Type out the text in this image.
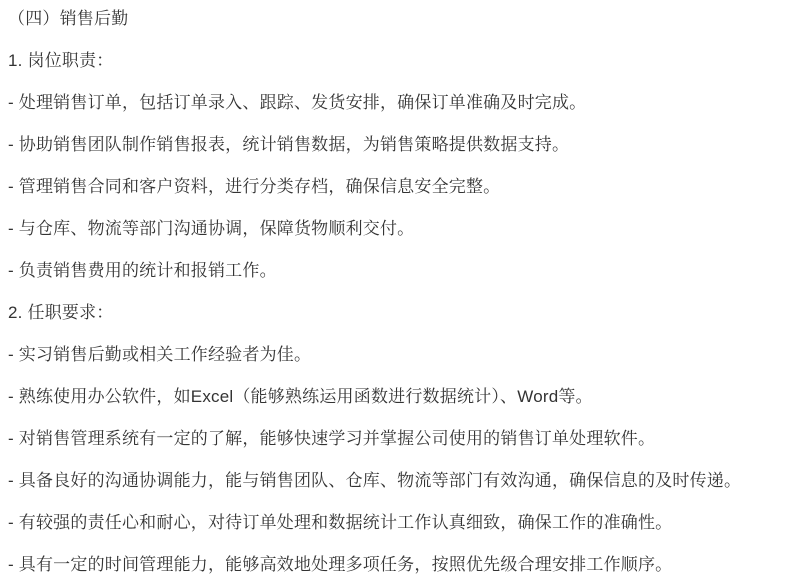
（四）销售后勤

1. 岗位职责：

- 处理销售订单，包括订单录入、跟踪、发货安排，确保订单准确及时完成。

- 协助销售团队制作销售报表，统计销售数据，为销售策略提供数据支持。

- 管理销售合同和客户资料，进行分类存档，确保信息安全完整。

- 与仓库、物流等部门沟通协调，保障货物顺利交付。

- 负责销售费用的统计和报销工作。

2. 任职要求：

- 实习销售后勤或相关工作经验者为佳。

- 熟练使用办公软件，如Excel（能够熟练运用函数进行数据统计）、Word等。

- 对销售管理系统有一定的了解，能够快速学习并掌握公司使用的销售订单处理软件。

- 具备良好的沟通协调能力，能与销售团队、仓库、物流等部门有效沟通，确保信息的及时传递。

- 有较强的责任心和耐心，对待订单处理和数据统计工作认真细致，确保工作的准确性。

- 具有一定的时间管理能力，能够高效地处理多项任务，按照优先级合理安排工作顺序。
